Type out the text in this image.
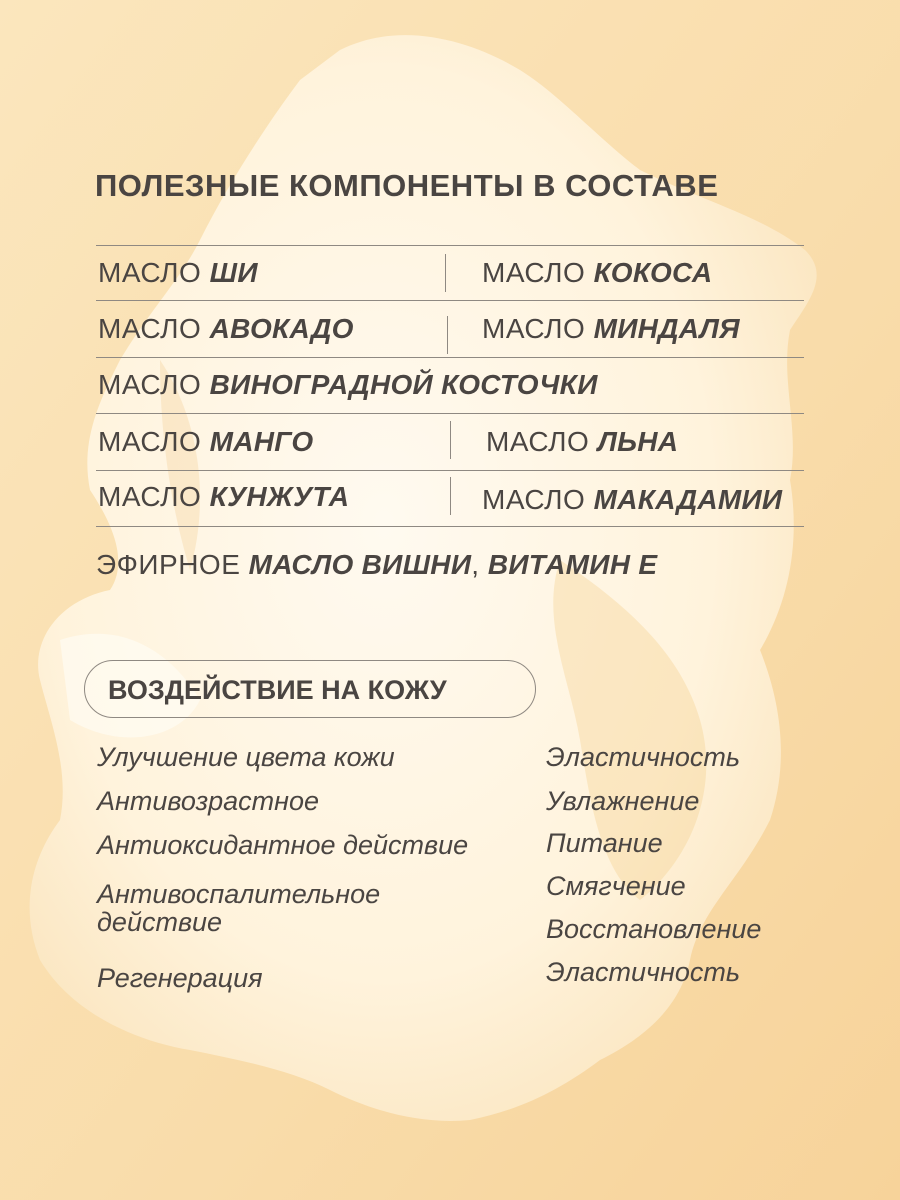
ПОЛЕЗНЫЕ КОМПОНЕНТЫ В СОСТАВЕ
МАСЛО ШИ	МАСЛО КОКОСА
МАСЛО АВОКАДО	МАСЛО МИНДАЛЯ
МАСЛО ВИНОГРАДНОЙ КОСТОЧКИ
МАСЛО МАНГО	МАСЛО ЛЬНА
МАСЛО КУНЖУТА	МАСЛО МАКАДАМИИ
ЭФИРНОЕ МАСЛО ВИШНИ, ВИТАМИН Е
ВОЗДЕЙСТВИЕ НА КОЖУ
Улучшение цвета кожи
Антивозрастное
Антиоксидантное действие
Антивоспалительное
действие
Регенерация
Эластичность
Увлажнение
Питание
Смягчение
Восстановление
Эластичность
